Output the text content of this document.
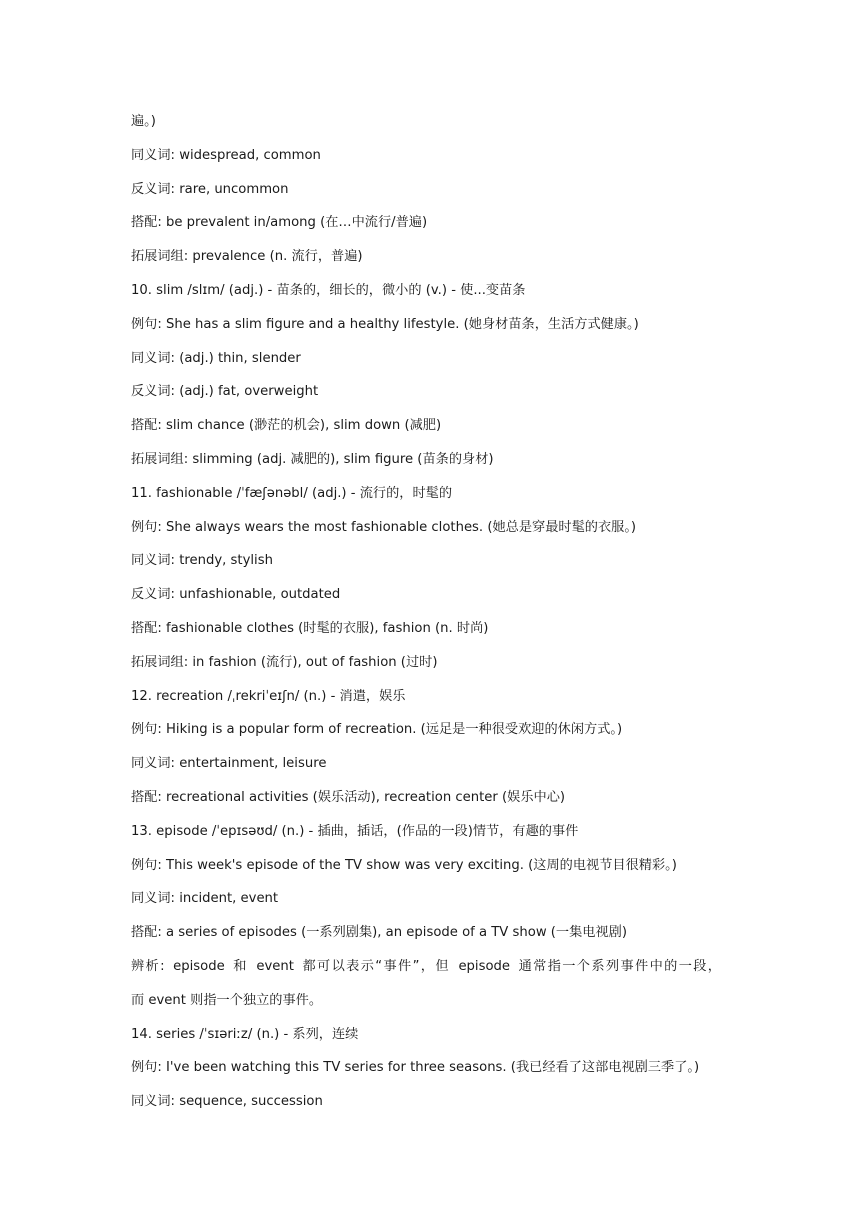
遍。)
同义词: widespread, common
反义词: rare, uncommon
搭配: be prevalent in/among (在…中流行/普遍)
拓展词组: prevalence (n. 流行，普遍)
10. slim /slɪm/ (adj.) - 苗条的，细长的，微小的 (v.) - 使...变苗条
例句: She has a slim figure and a healthy lifestyle. (她身材苗条，生活方式健康。)
同义词: (adj.) thin, slender
反义词: (adj.) fat, overweight
搭配: slim chance (渺茫的机会), slim down (减肥)
拓展词组: slimming (adj. 减肥的), slim figure (苗条的身材)
11. fashionable /ˈfæʃənəbl/ (adj.) - 流行的，时髦的
例句: She always wears the most fashionable clothes. (她总是穿最时髦的衣服。)
同义词: trendy, stylish
反义词: unfashionable, outdated
搭配: fashionable clothes (时髦的衣服), fashion (n. 时尚)
拓展词组: in fashion (流行), out of fashion (过时)
12. recreation /ˌrekriˈeɪʃn/ (n.) - 消遣，娱乐
例句: Hiking is a popular form of recreation. (远足是一种很受欢迎的休闲方式。)
同义词: entertainment, leisure
搭配: recreational activities (娱乐活动), recreation center (娱乐中心)
13. episode /ˈepɪsəʊd/ (n.) - 插曲，插话，(作品的一段)情节，有趣的事件
例句: This week's episode of the TV show was very exciting. (这周的电视节目很精彩。)
同义词: incident, event
搭配: a series of episodes (一系列剧集), an episode of a TV show (一集电视剧)
辨析: episode 和 event 都可以表示“事件”，但 episode 通常指一个系列事件中的一段，
而 event 则指一个独立的事件。
14. series /ˈsɪəriːz/ (n.) - 系列，连续
例句: I've been watching this TV series for three seasons. (我已经看了这部电视剧三季了。)
同义词: sequence, succession
